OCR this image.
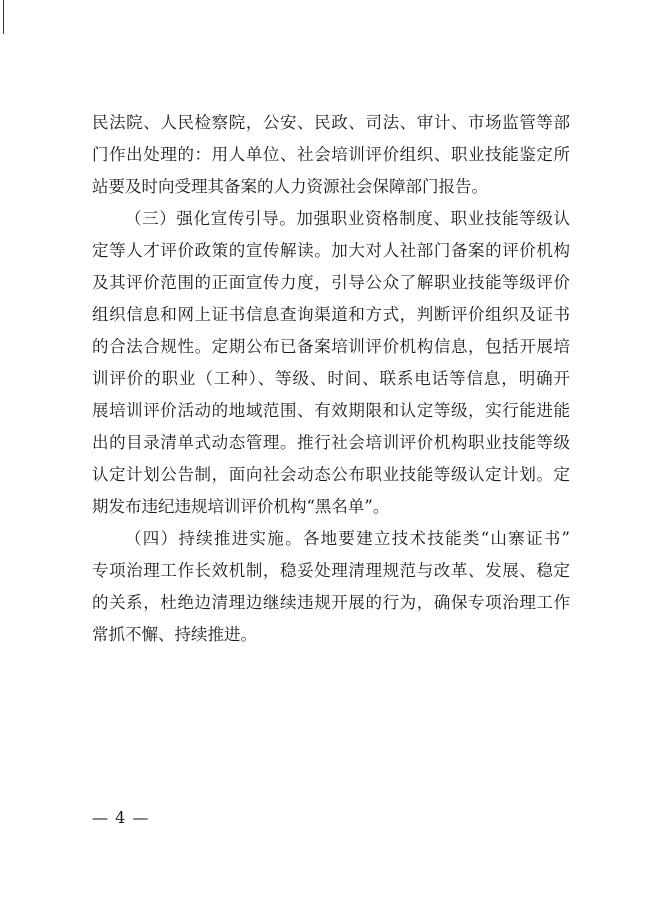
民法院、人民检察院，公安、民政、司法、审计、市场监管等部
门作出处理的：用人单位、社会培训评价组织、职业技能鉴定所
站要及时向受理其备案的人力资源社会保障部门报告。
（三）强化宣传引导。加强职业资格制度、职业技能等级认
定等人才评价政策的宣传解读。加大对人社部门备案的评价机构
及其评价范围的正面宣传力度，引导公众了解职业技能等级评价
组织信息和网上证书信息查询渠道和方式，判断评价组织及证书
的合法合规性。定期公布已备案培训评价机构信息，包括开展培
训评价的职业（工种）、等级、时间、联系电话等信息，明确开
展培训评价活动的地域范围、有效期限和认定等级，实行能进能
出的目录清单式动态管理。推行社会培训评价机构职业技能等级
认定计划公告制，面向社会动态公布职业技能等级认定计划。定
期发布违纪违规培训评价机构“黑名单”。
（四）持续推进实施。各地要建立技术技能类“山寨证书”
专项治理工作长效机制，稳妥处理清理规范与改革、发展、稳定
的关系，杜绝边清理边继续违规开展的行为，确保专项治理工作
常抓不懈、持续推进。
— 4 —
